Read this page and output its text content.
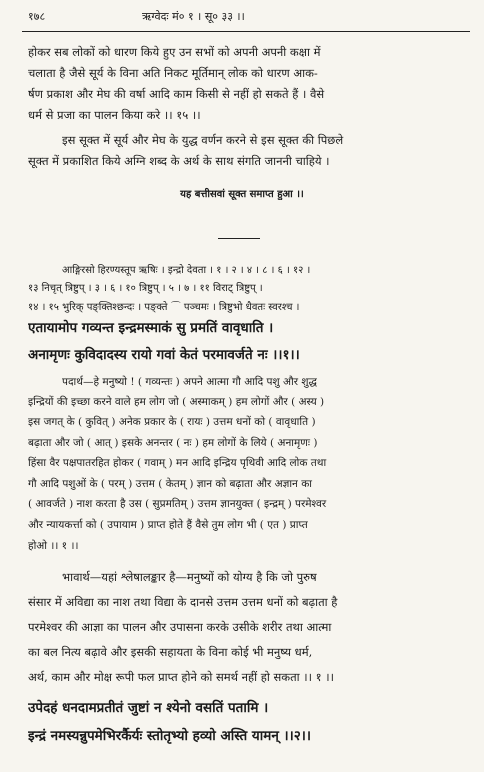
१७८	ऋग्वेदः मं० १ । सू० ३३ ।।
होकर सब लोकों को धारण किये हुए उन सभों को अपनी अपनी कक्षा में
चलाता है जैसे सूर्य के विना अति निकट मूर्तिमान् लोक को धारण आक-
र्षण प्रकाश और मेघ की वर्षा आदि काम किसी से नहीं हो सकते हैं । वैसे
धर्म से प्रजा का पालन किया करे ।। १५ ।।
इस सूक्त में सूर्य और मेघ के युद्ध वर्णन करने से इस सूक्त की पिछले
सूक्त में प्रकाशित किये अग्नि शब्द के अर्थ के साथ संगति जाननी चाहिये ।
यह बत्तीसवां सूक्त समाप्त हुआ ।।
आङ्गिरसो हिरण्यस्तूप ऋषिः । इन्द्रो देवता । १ । २ । ४ । ८ । ६ । १२ ।
१३ निचृत् त्रिष्टुप् । ३ । ६ । १० त्रिष्टुप् । ५ । ७ । ११ विराट् त्रिष्टुप् ।
१४ । १५ भुरिक् पङ्क्तिश्छन्दः । पङ्क्ते ⌒ पञ्चमः । त्रिष्टुभो धैवतः स्वरश्च ।
एतायामोप गव्यन्त इन्द्रमस्माकं सु प्रमतिं वावृधाति ।
अनामृणः कुविदादस्य रायो गवां केतं परमावर्जते नः ।।१।।
पदार्थ—हे मनुष्यो ! ( गव्यन्तः ) अपने आत्मा गौ आदि पशु और शुद्ध
इन्द्रियों की इच्छा करने वाले हम लोग जो ( अस्माकम् ) हम लोगों और ( अस्य )
इस जगत् के ( कुवित् ) अनेक प्रकार के ( रायः ) उत्तम धनों को ( वावृधाति )
बढ़ाता और जो ( आत् ) इसके अनन्तर ( नः ) हम लोगों के लिये ( अनामृणः )
हिंसा वैर पक्षपातरहित होकर ( गवाम् ) मन आदि इन्द्रिय पृथिवी आदि लोक तथा
गौ आदि पशुओं के ( परम् ) उत्तम ( केतम् ) ज्ञान को बढ़ाता और अज्ञान का
( आवर्जते ) नाश करता है उस ( सुप्रमतिम् ) उत्तम ज्ञानयुक्त ( इन्द्रम् ) परमेश्वर
और न्यायकर्त्ता को ( उपायाम ) प्राप्त होते हैं वैसे तुम लोग भी ( एत ) प्राप्त
होओ ।। १ ।।
भावार्थ—यहां श्लेषालङ्कार है—मनुष्यों को योग्य है कि जो पुरुष
संसार में अविद्या का नाश तथा विद्या के दानसे उत्तम उत्तम धनों को बढ़ाता है
परमेश्वर की आज्ञा का पालन और उपासना करके उसीके शरीर तथा आत्मा
का बल नित्य बढ़ावे और इसकी सहायता के विना कोई भी मनुष्य धर्म,
अर्थ, काम और मोक्ष रूपी फल प्राप्त होने को समर्थ नहीं हो सकता ।। १ ।।
उपेदहं धनदामप्रतीतं जुष्टां न श्येनो वसतिं पतामि ।
इन्द्रं नमस्यन्नुपमेभिरर्कैर्यः स्तोतृभ्यो हव्यो अस्ति यामन् ।।२।।
